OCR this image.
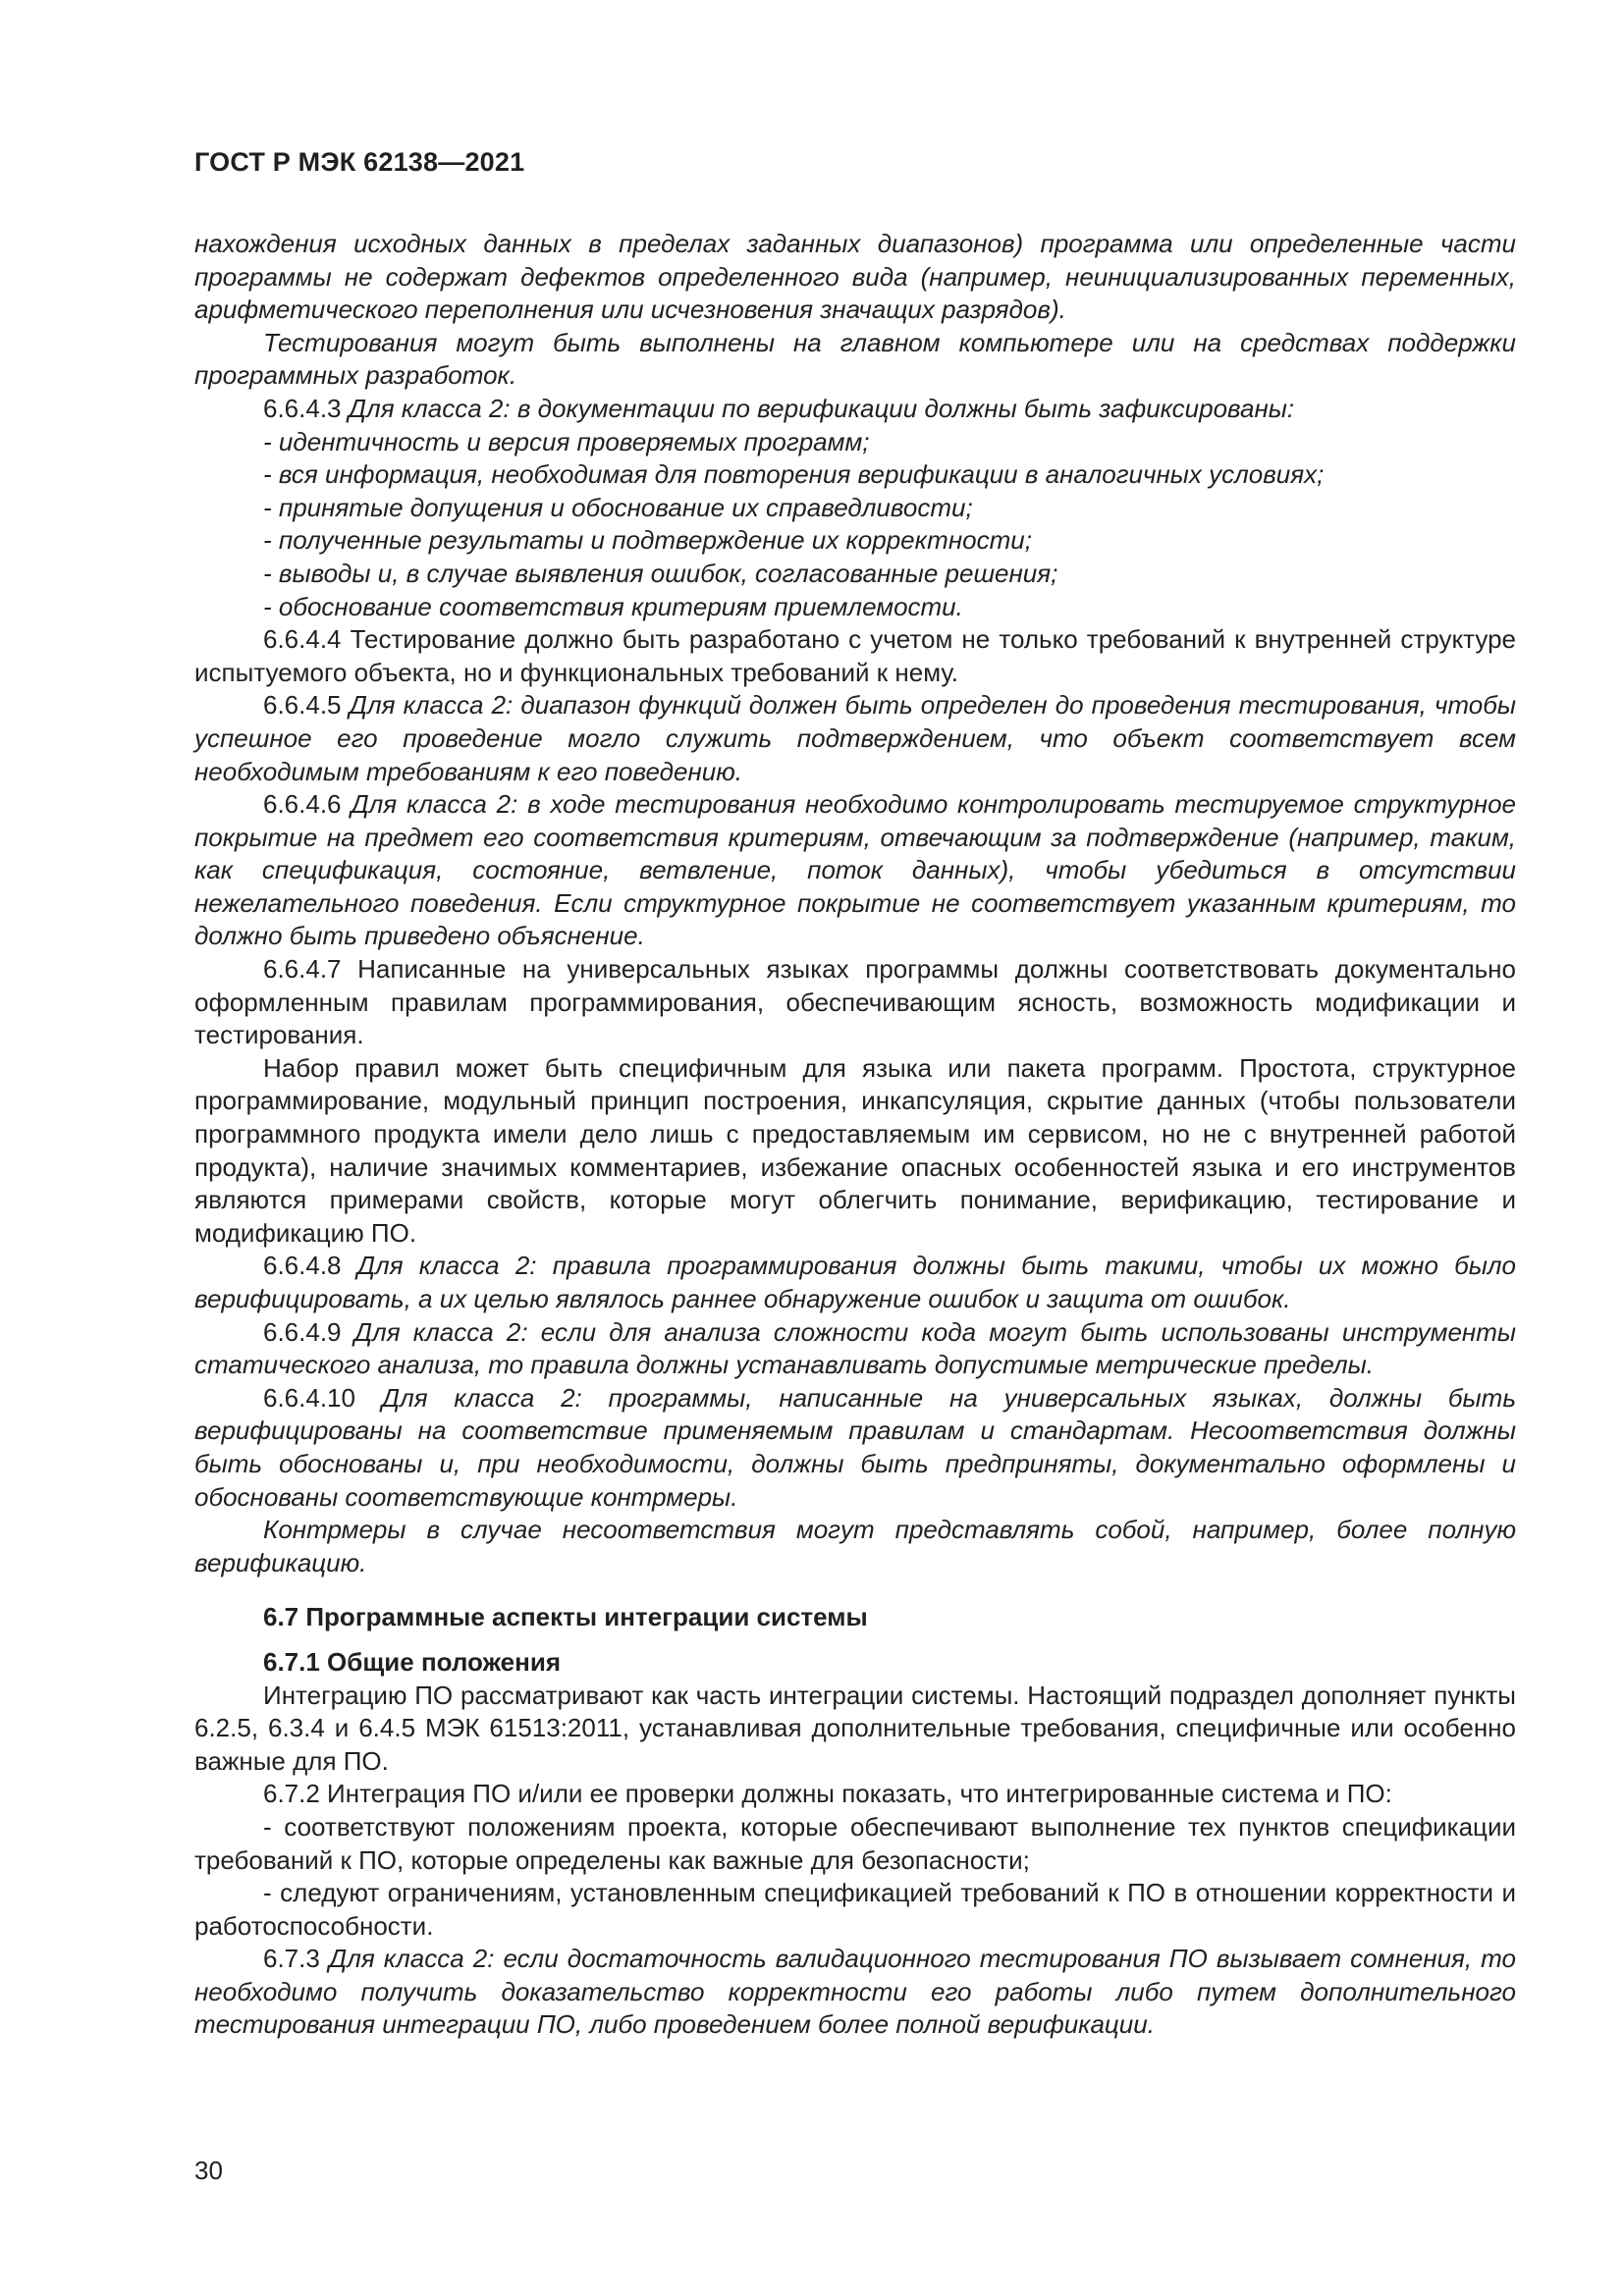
ГОСТ Р МЭК 62138—2021

нахождения исходных данных в пределах заданных диапазонов) программа или определенные части программы не содержат дефектов определенного вида (например, неинициализированных переменных, арифметического переполнения или исчезновения значащих разрядов).

Тестирования могут быть выполнены на главном компьютере или на средствах поддержки программных разработок.

6.6.4.3 Для класса 2: в документации по верификации должны быть зафиксированы:

- идентичность и версия проверяемых программ;

- вся информация, необходимая для повторения верификации в аналогичных условиях;

- принятые допущения и обоснование их справедливости;

- полученные результаты и подтверждение их корректности;

- выводы и, в случае выявления ошибок, согласованные решения;

- обоснование соответствия критериям приемлемости.

6.6.4.4 Тестирование должно быть разработано с учетом не только требований к внутренней структуре испытуемого объекта, но и функциональных требований к нему.

6.6.4.5 Для класса 2: диапазон функций должен быть определен до проведения тестирования, чтобы успешное его проведение могло служить подтверждением, что объект соответствует всем необходимым требованиям к его поведению.

6.6.4.6 Для класса 2: в ходе тестирования необходимо контролировать тестируемое структурное покрытие на предмет его соответствия критериям, отвечающим за подтверждение (например, таким, как спецификация, состояние, ветвление, поток данных), чтобы убедиться в отсутствии нежелательного поведения. Если структурное покрытие не соответствует указанным критериям, то должно быть приведено объяснение.

6.6.4.7 Написанные на универсальных языках программы должны соответствовать документально оформленным правилам программирования, обеспечивающим ясность, возможность модификации и тестирования.

Набор правил может быть специфичным для языка или пакета программ. Простота, структурное программирование, модульный принцип построения, инкапсуляция, скрытие данных (чтобы пользователи программного продукта имели дело лишь с предоставляемым им сервисом, но не с внутренней работой продукта), наличие значимых комментариев, избежание опасных особенностей языка и его инструментов являются примерами свойств, которые могут облегчить понимание, верификацию, тестирование и модификацию ПО.

6.6.4.8 Для класса 2: правила программирования должны быть такими, чтобы их можно было верифицировать, а их целью являлось раннее обнаружение ошибок и защита от ошибок.

6.6.4.9 Для класса 2: если для анализа сложности кода могут быть использованы инструменты статического анализа, то правила должны устанавливать допустимые метрические пределы.

6.6.4.10 Для класса 2: программы, написанные на универсальных языках, должны быть верифицированы на соответствие применяемым правилам и стандартам. Несоответствия должны быть обоснованы и, при необходимости, должны быть предприняты, документально оформлены и обоснованы соответствующие контрмеры.

Контрмеры в случае несоответствия могут представлять собой, например, более полную верификацию.

6.7 Программные аспекты интеграции системы

6.7.1 Общие положения

Интеграцию ПО рассматривают как часть интеграции системы. Настоящий подраздел дополняет пункты 6.2.5, 6.3.4 и 6.4.5 МЭК 61513:2011, устанавливая дополнительные требования, специфичные или особенно важные для ПО.

6.7.2 Интеграция ПО и/или ее проверки должны показать, что интегрированные система и ПО:

- соответствуют положениям проекта, которые обеспечивают выполнение тех пунктов спецификации требований к ПО, которые определены как важные для безопасности;

- следуют ограничениям, установленным спецификацией требований к ПО в отношении корректности и работоспособности.

6.7.3 Для класса 2: если достаточность валидационного тестирования ПО вызывает сомнения, то необходимо получить доказательство корректности его работы либо путем дополнительного тестирования интеграции ПО, либо проведением более полной верификации.

30
